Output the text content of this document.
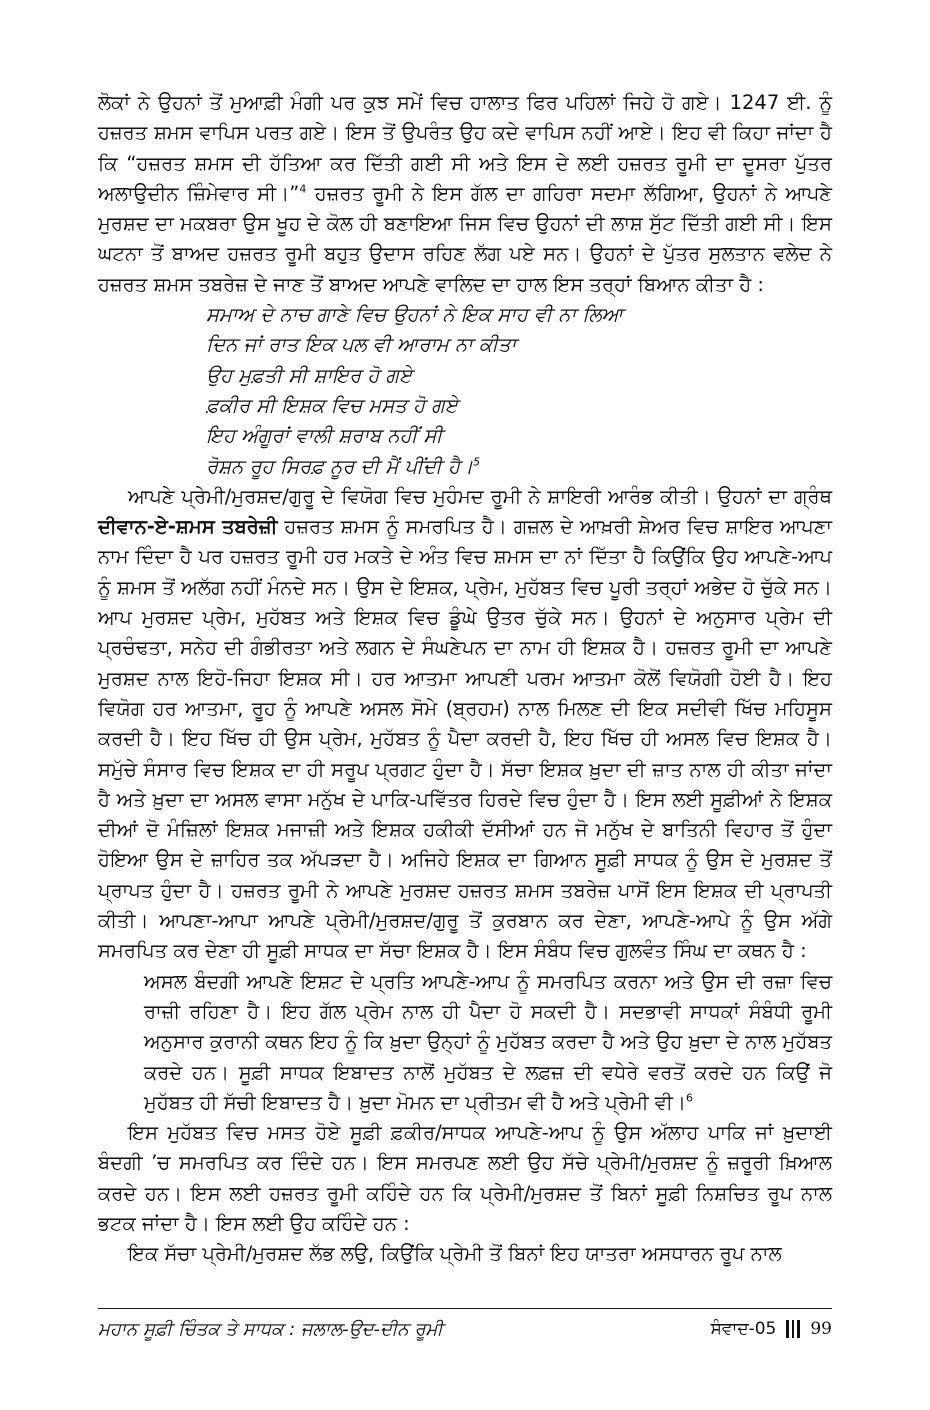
ਲੋਕਾਂ ਨੇ ਉਹਨਾਂ ਤੋਂ ਮੁਆਫ਼ੀ ਮੰਗੀ ਪਰ ਕੁਝ ਸਮੇਂ ਵਿਚ ਹਾਲਾਤ ਫਿਰ ਪਹਿਲਾਂ ਜਿਹੇ ਹੋ ਗਏ। 1247 ਈ. ਨੂੰ ਹਜ਼ਰਤ ਸ਼ਮਸ ਵਾਪਿਸ ਪਰਤ ਗਏ। ਇਸ ਤੋਂ ਉਪਰੰਤ ਉਹ ਕਦੇ ਵਾਪਿਸ ਨਹੀਂ ਆਏ। ਇਹ ਵੀ ਕਿਹਾ ਜਾਂਦਾ ਹੈ ਕਿ “ਹਜ਼ਰਤ ਸ਼ਮਸ ਦੀ ਹੱਤਿਆ ਕਰ ਦਿੱਤੀ ਗਈ ਸੀ ਅਤੇ ਇਸ ਦੇ ਲਈ ਹਜ਼ਰਤ ਰੂਮੀ ਦਾ ਦੂਸਰਾ ਪੁੱਤਰ ਅਲਾਉਦੀਨ ਜ਼ਿੰਮੇਵਾਰ ਸੀ।”$^4$ ਹਜ਼ਰਤ ਰੂਮੀ ਨੇ ਇਸ ਗੱਲ ਦਾ ਗਹਿਰਾ ਸਦਮਾ ਲੱਗਿਆ, ਉਹਨਾਂ ਨੇ ਆਪਣੇ ਮੁਰਸ਼ਦ ਦਾ ਮਕਬਰਾ ਉਸ ਖੂਹ ਦੇ ਕੋਲ ਹੀ ਬਣਾਇਆ ਜਿਸ ਵਿਚ ਉਹਨਾਂ ਦੀ ਲਾਸ਼ ਸੁੱਟ ਦਿੱਤੀ ਗਈ ਸੀ। ਇਸ ਘਟਨਾ ਤੋਂ ਬਾਅਦ ਹਜ਼ਰਤ ਰੂਮੀ ਬਹੁਤ ਉਦਾਸ ਰਹਿਣ ਲੱਗ ਪਏ ਸਨ। ਉਹਨਾਂ ਦੇ ਪੁੱਤਰ ਸੁਲਤਾਨ ਵਲੇਦ ਨੇ ਹਜ਼ਰਤ ਸ਼ਮਸ ਤਬਰੇਜ਼ ਦੇ ਜਾਣ ਤੋਂ ਬਾਅਦ ਆਪਣੇ ਵਾਲਿਦ ਦਾ ਹਾਲ ਇਸ ਤਰ੍ਹਾਂ ਬਿਆਨ ਕੀਤਾ ਹੈ :

ਸਮਾਅ ਦੇ ਨਾਚ ਗਾਣੇ ਵਿਚ ਉਹਨਾਂ ਨੇ ਇਕ ਸਾਹ ਵੀ ਨਾ ਲਿਆ
ਦਿਨ ਜਾਂ ਰਾਤ ਇਕ ਪਲ ਵੀ ਆਰਾਮ ਨਾ ਕੀਤਾ
ਉਹ ਮੁਫ਼ਤੀ ਸੀ ਸ਼ਾਇਰ ਹੋ ਗਏ
ਫ਼ਕੀਰ ਸੀ ਇਸ਼ਕ ਵਿਚ ਮਸਤ ਹੋ ਗਏ
ਇਹ ਅੰਗੂਰਾਂ ਵਾਲੀ ਸ਼ਰਾਬ ਨਹੀਂ ਸੀ
ਰੋਸ਼ਨ ਰੂਹ ਸਿਰਫ਼ ਨੂਰ ਦੀ ਮੈਂ ਪੀਂਦੀ ਹੈ।$^5$

ਆਪਣੇ ਪ੍ਰੇਮੀ/ਮੁਰਸ਼ਦ/ਗੁਰੂ ਦੇ ਵਿਯੋਗ ਵਿਚ ਮੁਹੰਮਦ ਰੂਮੀ ਨੇ ਸ਼ਾਇਰੀ ਆਰੰਭ ਕੀਤੀ। ਉਹਨਾਂ ਦਾ ਗ੍ਰੰਥ ਦੀਵਾਨ-ਏ-ਸ਼ਮਸ ਤਬਰੇਜ਼ੀ ਹਜ਼ਰਤ ਸ਼ਮਸ ਨੂੰ ਸਮਰਪਿਤ ਹੈ। ਗਜ਼ਲ ਦੇ ਆਖ਼ਰੀ ਸ਼ੇਅਰ ਵਿਚ ਸ਼ਾਇਰ ਆਪਣਾ ਨਾਮ ਦਿੰਦਾ ਹੈ ਪਰ ਹਜ਼ਰਤ ਰੂਮੀ ਹਰ ਮਕਤੇ ਦੇ ਅੰਤ ਵਿਚ ਸ਼ਮਸ ਦਾ ਨਾਂ ਦਿੱਤਾ ਹੈ ਕਿਉਂਕਿ ਉਹ ਆਪਣੇ-ਆਪ ਨੂੰ ਸ਼ਮਸ ਤੋਂ ਅਲੱਗ ਨਹੀਂ ਮੰਨਦੇ ਸਨ। ਉਸ ਦੇ ਇਸ਼ਕ, ਪ੍ਰੇਮ, ਮੁਹੱਬਤ ਵਿਚ ਪੂਰੀ ਤਰ੍ਹਾਂ ਅਭੇਦ ਹੋ ਚੁੱਕੇ ਸਨ। ਆਪ ਮੁਰਸ਼ਦ ਪ੍ਰੇਮ, ਮੁਹੱਬਤ ਅਤੇ ਇਸ਼ਕ ਵਿਚ ਡੂੰਘੇ ਉਤਰ ਚੁੱਕੇ ਸਨ। ਉਹਨਾਂ ਦੇ ਅਨੁਸਾਰ ਪ੍ਰੇਮ ਦੀ ਪ੍ਰਚੰਢਤਾ, ਸਨੇਹ ਦੀ ਗੰਭੀਰਤਾ ਅਤੇ ਲਗਨ ਦੇ ਸੰਘਣੇਪਨ ਦਾ ਨਾਮ ਹੀ ਇਸ਼ਕ ਹੈ। ਹਜ਼ਰਤ ਰੂਮੀ ਦਾ ਆਪਣੇ ਮੁਰਸ਼ਦ ਨਾਲ ਇਹੋ-ਜਿਹਾ ਇਸ਼ਕ ਸੀ। ਹਰ ਆਤਮਾ ਆਪਣੀ ਪਰਮ ਆਤਮਾ ਕੋਲੋਂ ਵਿਯੋਗੀ ਹੋਈ ਹੈ। ਇਹ ਵਿਯੋਗ ਹਰ ਆਤਮਾ, ਰੂਹ ਨੂੰ ਆਪਣੇ ਅਸਲ ਸੋਮੇ (ਬ੍ਰਹਮ) ਨਾਲ ਮਿਲਣ ਦੀ ਇਕ ਸਦੀਵੀ ਖਿੱਚ ਮਹਿਸੂਸ ਕਰਦੀ ਹੈ। ਇਹ ਖਿੱਚ ਹੀ ਉਸ ਪ੍ਰੇਮ, ਮੁਹੱਬਤ ਨੂੰ ਪੈਦਾ ਕਰਦੀ ਹੈ, ਇਹ ਖਿੱਚ ਹੀ ਅਸਲ ਵਿਚ ਇਸ਼ਕ ਹੈ। ਸਮੁੱਚੇ ਸੰਸਾਰ ਵਿਚ ਇਸ਼ਕ ਦਾ ਹੀ ਸਰੂਪ ਪ੍ਰਗਟ ਹੁੰਦਾ ਹੈ। ਸੱਚਾ ਇਸ਼ਕ ਖ਼ੁਦਾ ਦੀ ਜ਼ਾਤ ਨਾਲ ਹੀ ਕੀਤਾ ਜਾਂਦਾ ਹੈ ਅਤੇ ਖ਼ੁਦਾ ਦਾ ਅਸਲ ਵਾਸਾ ਮਨੁੱਖ ਦੇ ਪਾਕਿ-ਪਵਿੱਤਰ ਹਿਰਦੇ ਵਿਚ ਹੁੰਦਾ ਹੈ। ਇਸ ਲਈ ਸੂਫ਼ੀਆਂ ਨੇ ਇਸ਼ਕ ਦੀਆਂ ਦੋ ਮੰਜ਼ਿਲਾਂ ਇਸ਼ਕ ਮਜਾਜ਼ੀ ਅਤੇ ਇਸ਼ਕ ਹਕੀਕੀ ਦੱਸੀਆਂ ਹਨ ਜੋ ਮਨੁੱਖ ਦੇ ਬਾਤਿਨੀ ਵਿਹਾਰ ਤੋਂ ਹੁੰਦਾ ਹੋਇਆ ਉਸ ਦੇ ਜ਼ਾਹਿਰ ਤਕ ਅੱਪੜਦਾ ਹੈ। ਅਜਿਹੇ ਇਸ਼ਕ ਦਾ ਗਿਆਨ ਸੂਫ਼ੀ ਸਾਧਕ ਨੂੰ ਉਸ ਦੇ ਮੁਰਸ਼ਦ ਤੋਂ ਪ੍ਰਾਪਤ ਹੁੰਦਾ ਹੈ। ਹਜ਼ਰਤ ਰੂਮੀ ਨੇ ਆਪਣੇ ਮੁਰਸ਼ਦ ਹਜ਼ਰਤ ਸ਼ਮਸ ਤਬਰੇਜ਼ ਪਾਸੋਂ ਇਸ ਇਸ਼ਕ ਦੀ ਪ੍ਰਾਪਤੀ ਕੀਤੀ। ਆਪਣਾ-ਆਪਾ ਆਪਣੇ ਪ੍ਰੇਮੀ/ਮੁਰਸ਼ਦ/ਗੁਰੂ ਤੋਂ ਕੁਰਬਾਨ ਕਰ ਦੇਣਾ, ਆਪਣੇ-ਆਪੇ ਨੂੰ ਉਸ ਅੱਗੇ ਸਮਰਪਿਤ ਕਰ ਦੇਣਾ ਹੀ ਸੂਫ਼ੀ ਸਾਧਕ ਦਾ ਸੱਚਾ ਇਸ਼ਕ ਹੈ। ਇਸ ਸੰਬੰਧ ਵਿਚ ਗੁਲਵੰਤ ਸਿੰਘ ਦਾ ਕਥਨ ਹੈ :

ਅਸਲ ਬੰਦਗੀ ਆਪਣੇ ਇਸ਼ਟ ਦੇ ਪ੍ਰਤਿ ਆਪਣੇ-ਆਪ ਨੂੰ ਸਮਰਪਿਤ ਕਰਨਾ ਅਤੇ ਉਸ ਦੀ ਰਜ਼ਾ ਵਿਚ ਰਾਜ਼ੀ ਰਹਿਣਾ ਹੈ। ਇਹ ਗੱਲ ਪ੍ਰੇਮ ਨਾਲ ਹੀ ਪੈਦਾ ਹੋ ਸਕਦੀ ਹੈ। ਸਦਭਾਵੀ ਸਾਧਕਾਂ ਸੰਬੰਧੀ ਰੂਮੀ ਅਨੁਸਾਰ ਕੁਰਾਨੀ ਕਥਨ ਇਹ ਨੂੰ ਕਿ ਖ਼ੁਦਾ ਉਨ੍ਹਾਂ ਨੂੰ ਮੁਹੱਬਤ ਕਰਦਾ ਹੈ ਅਤੇ ਉਹ ਖ਼ੁਦਾ ਦੇ ਨਾਲ ਮੁਹੱਬਤ ਕਰਦੇ ਹਨ। ਸੂਫ਼ੀ ਸਾਧਕ ਇਬਾਦਤ ਨਾਲੋਂ ਮੁਹੱਬਤ ਦੇ ਲਫ਼ਜ਼ ਦੀ ਵਧੇਰੇ ਵਰਤੋਂ ਕਰਦੇ ਹਨ ਕਿਉਂ ਜੋ ਮੁਹੱਬਤ ਹੀ ਸੱਚੀ ਇਬਾਦਤ ਹੈ। ਖ਼ੁਦਾ ਮੋਮਨ ਦਾ ਪ੍ਰੀਤਮ ਵੀ ਹੈ ਅਤੇ ਪ੍ਰੇਮੀ ਵੀ।$^6$

ਇਸ ਮੁਹੱਬਤ ਵਿਚ ਮਸਤ ਹੋਏ ਸੂਫ਼ੀ ਫ਼ਕੀਰ/ਸਾਧਕ ਆਪਣੇ-ਆਪ ਨੂੰ ਉਸ ਅੱਲਾਹ ਪਾਕਿ ਜਾਂ ਖ਼ੁਦਾਈ ਬੰਦਗੀ ’ਚ ਸਮਰਪਿਤ ਕਰ ਦਿੰਦੇ ਹਨ। ਇਸ ਸਮਰਪਣ ਲਈ ਉਹ ਸੱਚੇ ਪ੍ਰੇਮੀ/ਮੁਰਸ਼ਦ ਨੂੰ ਜ਼ਰੂਰੀ ਖ਼ਿਆਲ ਕਰਦੇ ਹਨ। ਇਸ ਲਈ ਹਜ਼ਰਤ ਰੂਮੀ ਕਹਿੰਦੇ ਹਨ ਕਿ ਪ੍ਰੇਮੀ/ਮੁਰਸ਼ਦ ਤੋਂ ਬਿਨਾਂ ਸੂਫ਼ੀ ਨਿਸ਼ਚਿਤ ਰੂਪ ਨਾਲ ਭਟਕ ਜਾਂਦਾ ਹੈ। ਇਸ ਲਈ ਉਹ ਕਹਿੰਦੇ ਹਨ :

ਇਕ ਸੱਚਾ ਪ੍ਰੇਮੀ/ਮੁਰਸ਼ਦ ਲੱਭ ਲਉ, ਕਿਉਂਕਿ ਪ੍ਰੇਮੀ ਤੋਂ ਬਿਨਾਂ ਇਹ ਯਾਤਰਾ ਅਸਧਾਰਨ ਰੂਪ ਨਾਲ

ਮਹਾਨ ਸੂਫ਼ੀ ਚਿੰਤਕ ਤੇ ਸਾਧਕ : ਜਲਾਲ-ਉਦ-ਦੀਨ ਰੂਮੀ	ਸੰਵਾਦ-05 99
